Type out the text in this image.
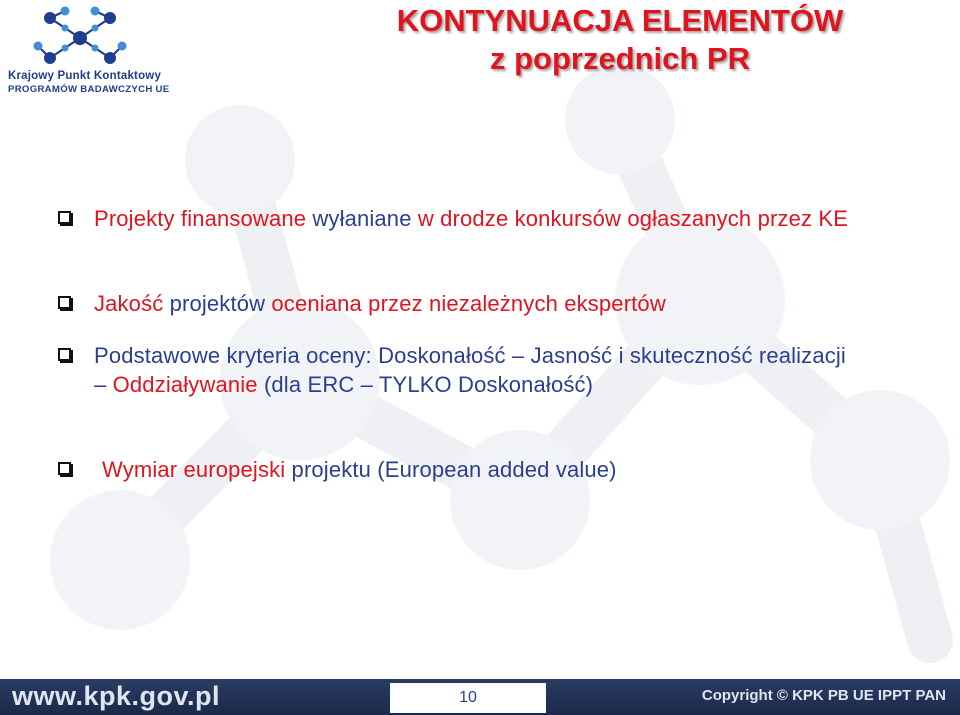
Krajowy Punkt Kontaktowy
PROGRAMÓW BADAWCZYCH UE
KONTYNUACJA ELEMENTÓW
z poprzednich PR
Projekty finansowane wyłaniane w drodze konkursów ogłaszanych przez KE
Jakość projektów oceniana przez niezależnych ekspertów
Podstawowe kryteria oceny: Doskonałość – Jasność i skuteczność realizacji – Oddziaływanie (dla ERC – TYLKO Doskonałość)
Wymiar europejski projektu (European added value)
www.kpk.gov.pl	Copyright © KPK PB UE IPPT PAN
10
